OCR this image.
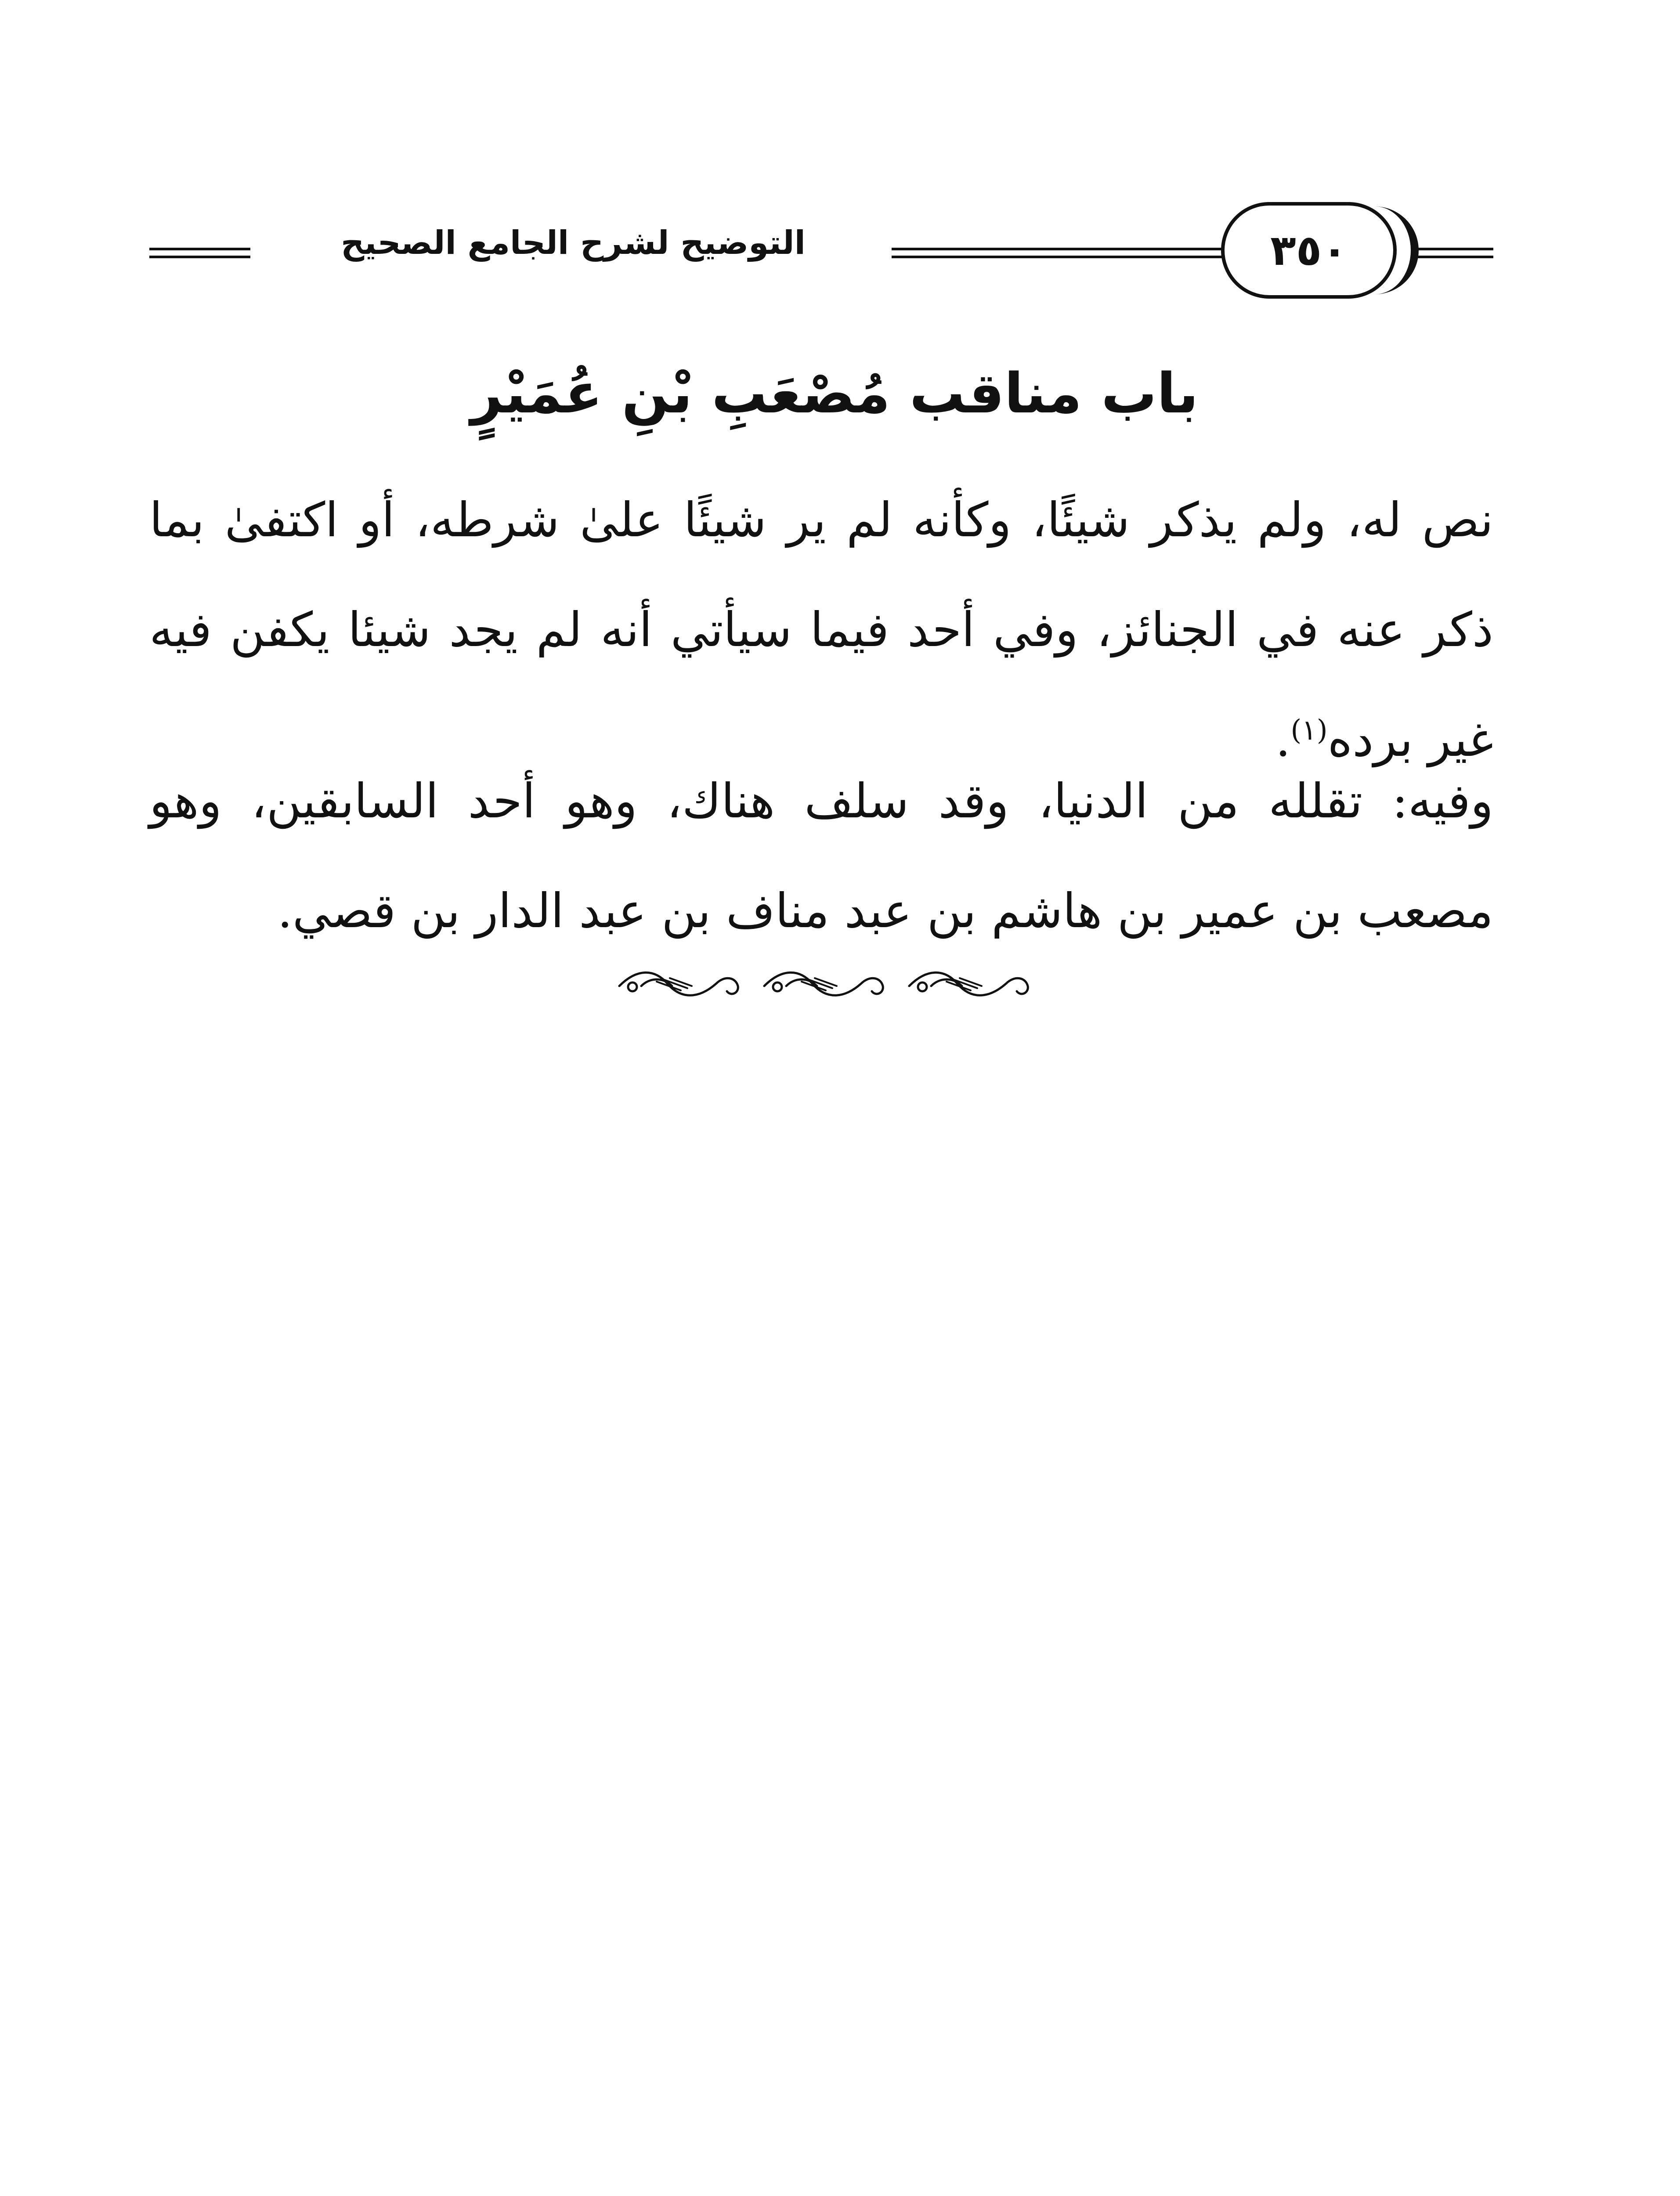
التوضيح لشرح الجامع الصحيح	٣٥٠
باب مناقب مُصْعَبِ بْنِ عُمَيْرٍ
نص له، ولم يذكر شيئًا، وكأنه لم ير شيئًا علىٰ شرطه، أو اكتفىٰ بما ذكر عنه في الجنائز، وفي أحد فيما سيأتي أنه لم يجد شيئا يكفن فيه غير برده$^{(١)}$.
وفيه: تقلله من الدنيا، وقد سلف هناك، وهو أحد السابقين، وهو مصعب بن عمير بن هاشم بن عبد مناف بن عبد الدار بن قصي.
